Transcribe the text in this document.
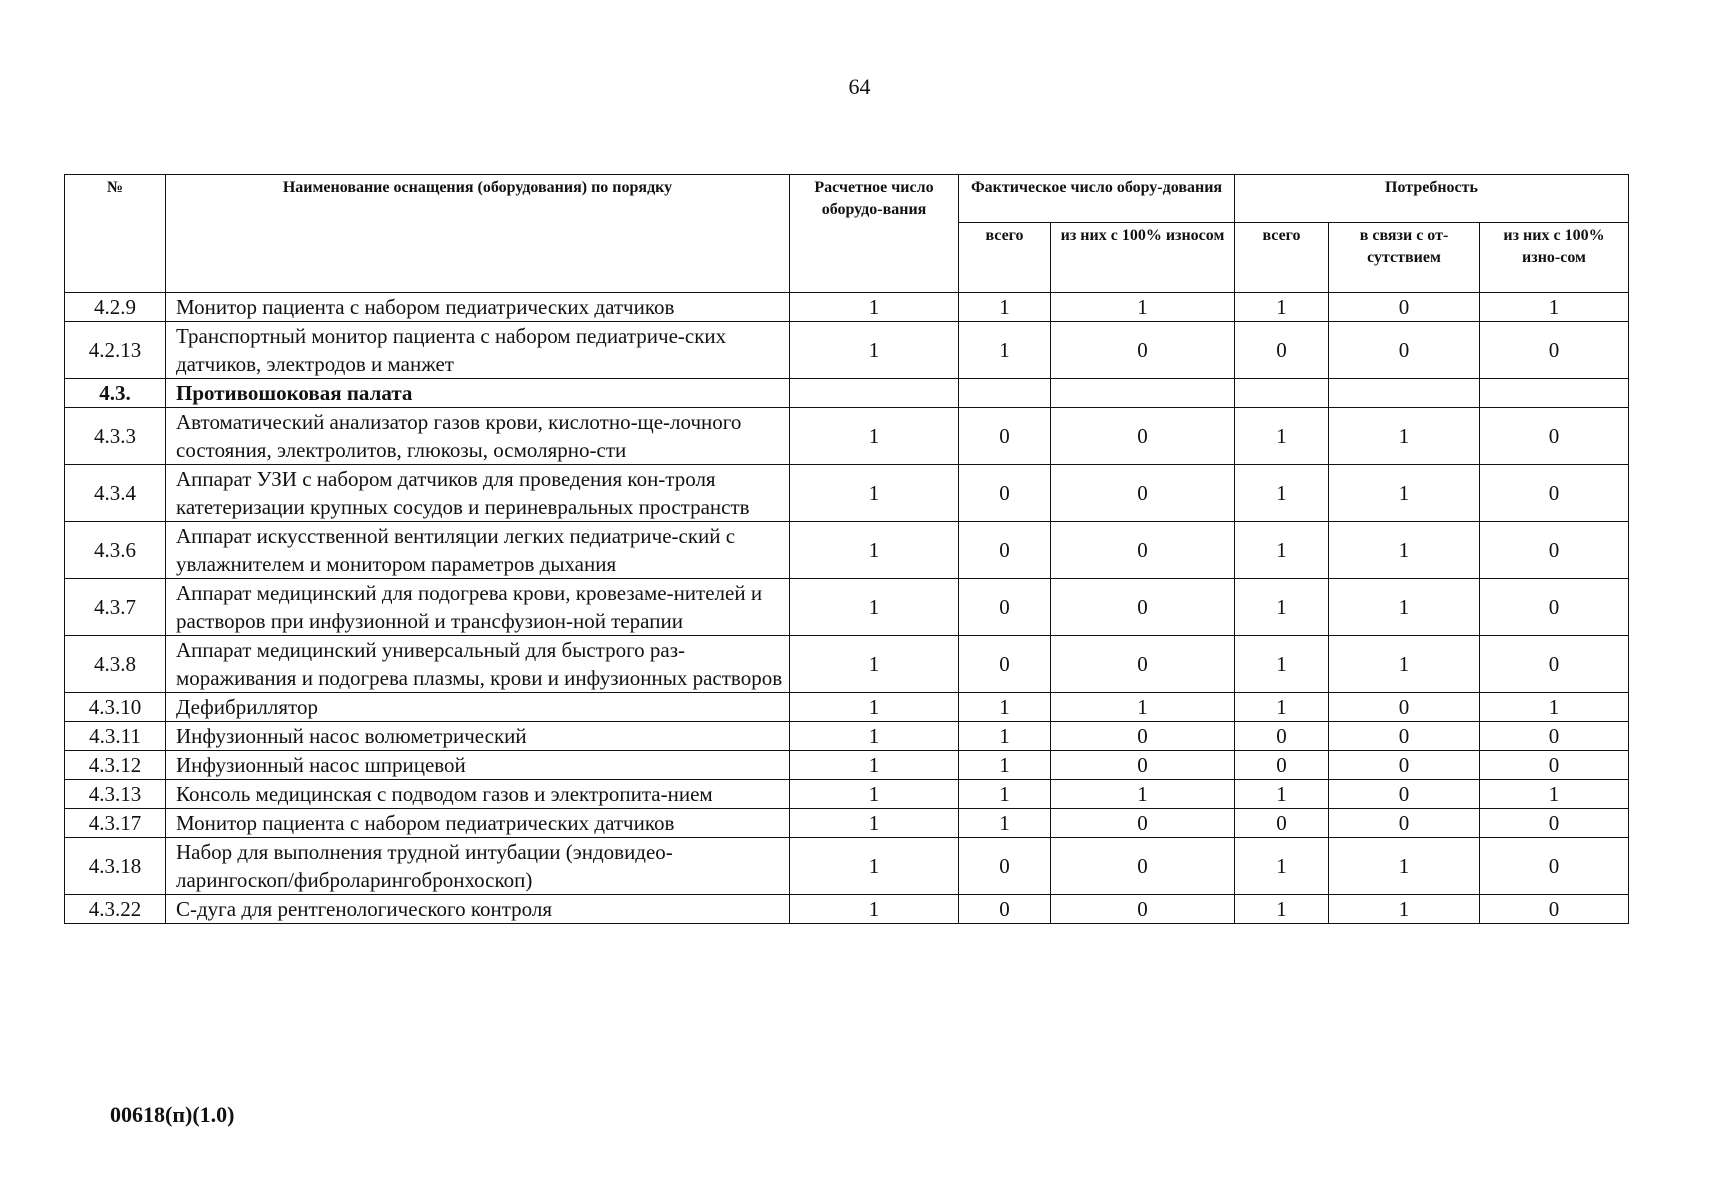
64
№	Наименование оснащения (оборудования) по порядку	Расчетное число оборудо-вания	Фактическое число обору-дования		Потребность		
			всего	из них с 100% износом	всего	в связи с от-сутствием	из них с 100% изно-сом
4.2.9	Монитор пациента с набором педиатрических датчиков	1	1	1	1	0	1
4.2.13	Транспортный монитор пациента с набором педиатриче-ских датчиков, электродов и манжет	1	1	0	0	0	0
4.3.	Противошоковая палата						
4.3.3	Автоматический анализатор газов крови, кислотно-ще-лочного состояния, электролитов, глюкозы, осмолярно-сти	1	0	0	1	1	0
4.3.4	Аппарат УЗИ с набором датчиков для проведения кон-троля катетеризации крупных сосудов и периневральных пространств	1	0	0	1	1	0
4.3.6	Аппарат искусственной вентиляции легких педиатриче-ский с увлажнителем и монитором параметров дыхания	1	0	0	1	1	0
4.3.7	Аппарат медицинский для подогрева крови, кровезаме-нителей и растворов при инфузионной и трансфузион-ной терапии	1	0	0	1	1	0
4.3.8	Аппарат медицинский универсальный для быстрого раз-мораживания и подогрева плазмы, крови и инфузионных растворов	1	0	0	1	1	0
4.3.10	Дефибриллятор	1	1	1	1	0	1
4.3.11	Инфузионный насос волюметрический	1	1	0	0	0	0
4.3.12	Инфузионный насос шприцевой	1	1	0	0	0	0
4.3.13	Консоль медицинская с подводом газов и электропита-нием	1	1	1	1	0	1
4.3.17	Монитор пациента с набором педиатрических датчиков	1	1	0	0	0	0
4.3.18	Набор для выполнения трудной интубации (эндовидео-ларингоскоп/фиброларингобронхоскоп)	1	0	0	1	1	0
4.3.22	С-дуга для рентгенологического контроля	1	0	0	1	1	0
00618(п)(1.0)
